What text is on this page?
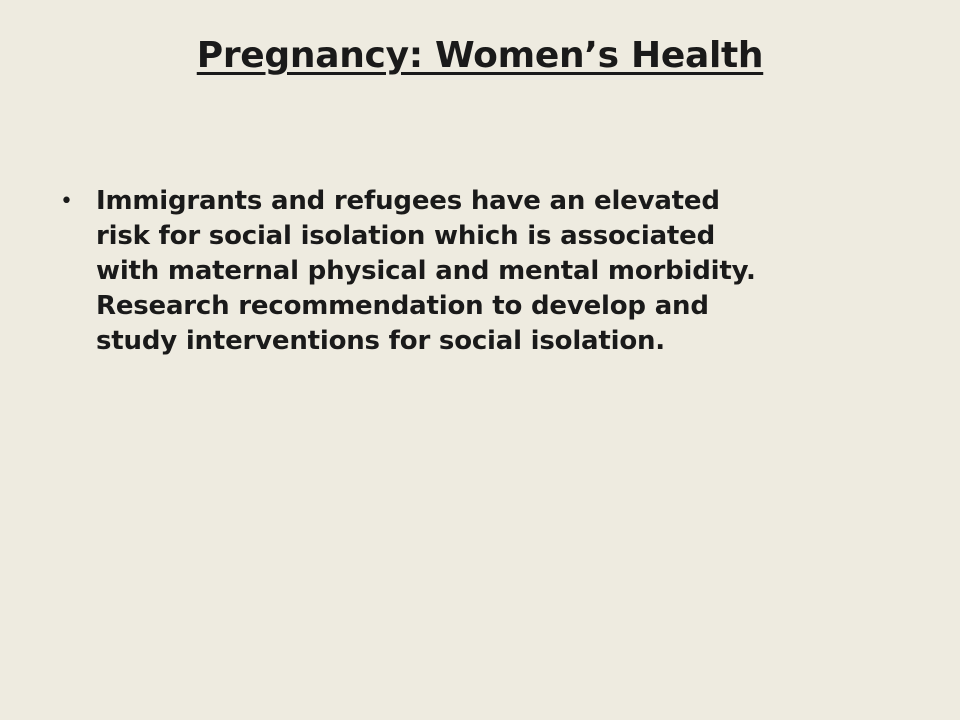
Pregnancy: Women’s Health
• Immigrants and refugees have an elevated
risk for social isolation which is associated
with maternal physical and mental morbidity.
Research recommendation to develop and
study interventions for social isolation.
